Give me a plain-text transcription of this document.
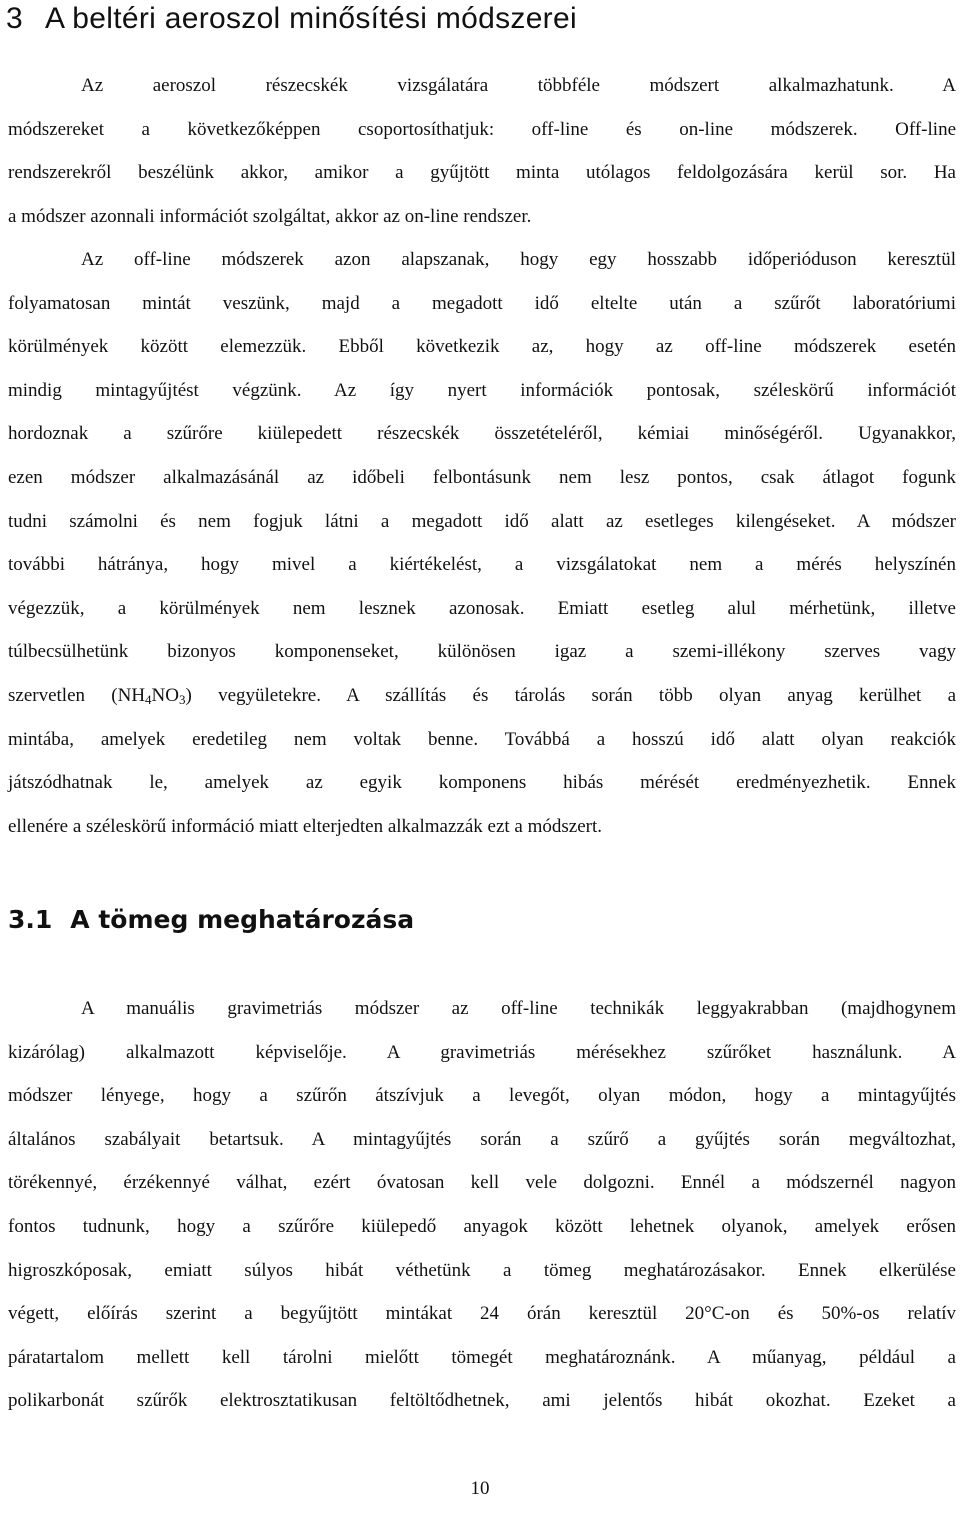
3 A beltéri aeroszol minősítési módszerei
Az aeroszol részecskék vizsgálatára többféle módszert alkalmazhatunk. A
módszereket a következőképpen csoportosíthatjuk: off-line és on-line módszerek. Off-line
rendszerekről beszélünk akkor, amikor a gyűjtött minta utólagos feldolgozására kerül sor. Ha
a módszer azonnali információt szolgáltat, akkor az on-line rendszer.
Az off-line módszerek azon alapszanak, hogy egy hosszabb időperióduson keresztül
folyamatosan mintát veszünk, majd a megadott idő eltelte után a szűrőt laboratóriumi
körülmények között elemezzük. Ebből következik az, hogy az off-line módszerek esetén
mindig mintagyűjtést végzünk. Az így nyert információk pontosak, széleskörű információt
hordoznak a szűrőre kiülepedett részecskék összetételéről, kémiai minőségéről. Ugyanakkor,
ezen módszer alkalmazásánál az időbeli felbontásunk nem lesz pontos, csak átlagot fogunk
tudni számolni és nem fogjuk látni a megadott idő alatt az esetleges kilengéseket. A módszer
további hátránya, hogy mivel a kiértékelést, a vizsgálatokat nem a mérés helyszínén
végezzük, a körülmények nem lesznek azonosak. Emiatt esetleg alul mérhetünk, illetve
túlbecsülhetünk bizonyos komponenseket, különösen igaz a szemi-illékony szerves vagy
szervetlen $(NH_4NO_3)$ vegyületekre. A szállítás és tárolás során több olyan anyag kerülhet a
mintába, amelyek eredetileg nem voltak benne. Továbbá a hosszú idő alatt olyan reakciók
játszódhatnak le, amelyek az egyik komponens hibás mérését eredményezhetik. Ennek
ellenére a széleskörű információ miatt elterjedten alkalmazzák ezt a módszert.
3.1 A tömeg meghatározása
A manuális gravimetriás módszer az off-line technikák leggyakrabban (majdhogynem
kizárólag) alkalmazott képviselője. A gravimetriás mérésekhez szűrőket használunk. A
módszer lényege, hogy a szűrőn átszívjuk a levegőt, olyan módon, hogy a mintagyűjtés
általános szabályait betartsuk. A mintagyűjtés során a szűrő a gyűjtés során megváltozhat,
törékennyé, érzékennyé válhat, ezért óvatosan kell vele dolgozni. Ennél a módszernél nagyon
fontos tudnunk, hogy a szűrőre kiülepedő anyagok között lehetnek olyanok, amelyek erősen
higroszkóposak, emiatt súlyos hibát véthetünk a tömeg meghatározásakor. Ennek elkerülése
végett, előírás szerint a begyűjtött mintákat 24 órán keresztül 20°C-on és 50%-os relatív
páratartalom mellett kell tárolni mielőtt tömegét meghatároznánk. A műanyag, például a
polikarbonát szűrők elektrosztatikusan feltöltődhetnek, ami jelentős hibát okozhat. Ezeket a
10
